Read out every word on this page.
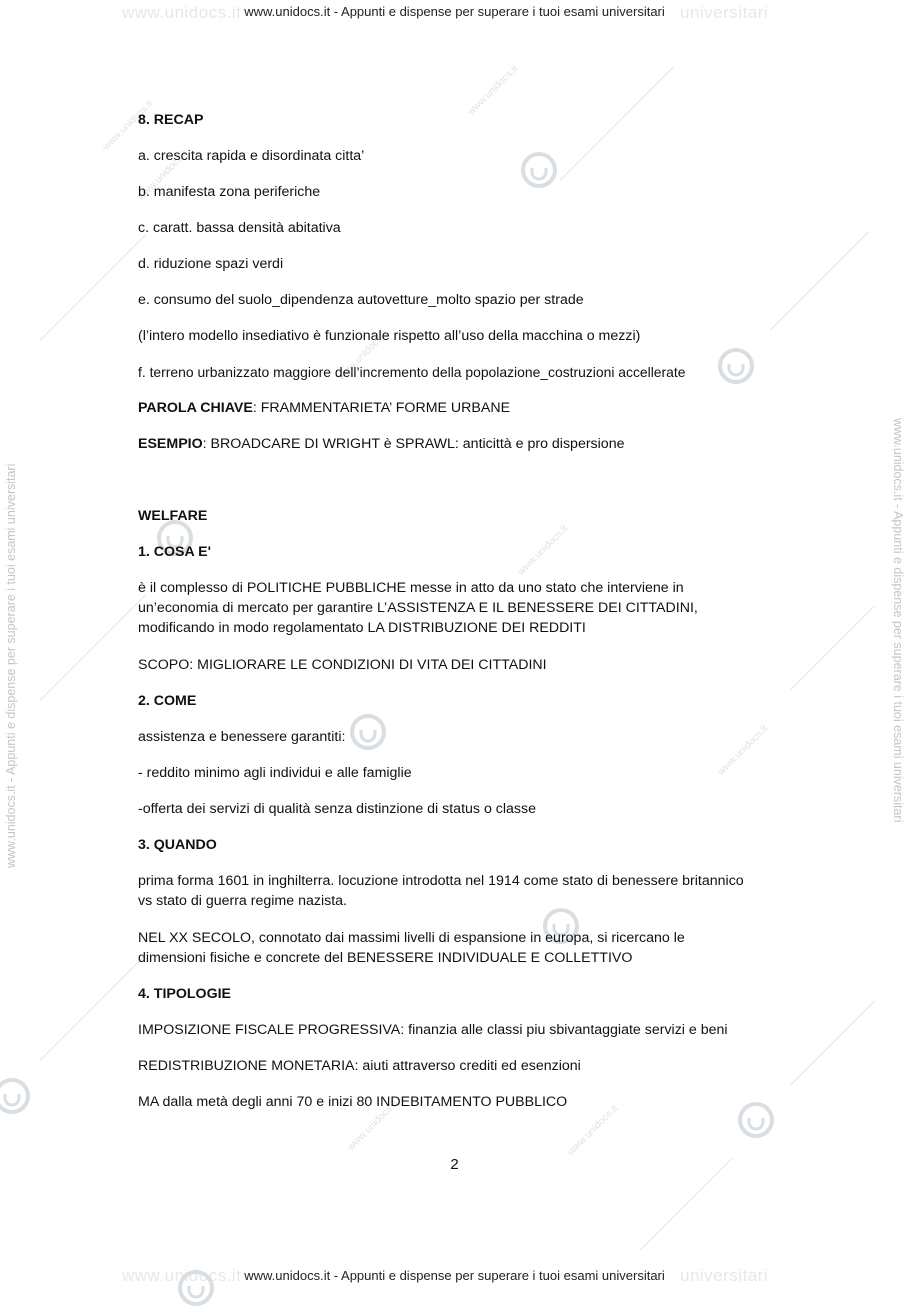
www.unidocs.it	universitari
www.unidocs.it	universitari
www.unidocs.it - Appunti e dispense per superare i tuoi esami universitari
www.unidocs.it - Appunti e dispense per superare i tuoi esami universitari
www.unidocs.it - Appunti e dispense per superare i tuoi esami universitari	www.unidocs.it - Appunti e dispense per superare i tuoi esami universitari
www.unidocs.it
www.unidocs.it
www.unidocs.it
www.unidocs.it
www.unidocs.it
www.unidocs.it
www.unidocs.it	www.unidocs.it
8. RECAP
a. crescita rapida e disordinata citta’
b. manifesta zona periferiche
c. caratt. bassa densità abitativa
d. riduzione spazi verdi
e. consumo del suolo_dipendenza autovetture_molto spazio per strade
(l’intero modello insediativo è funzionale rispetto all’uso della macchina o mezzi)
f. terreno urbanizzato maggiore dell’incremento della popolazione_costruzioni accellerate
PAROLA CHIAVE: FRAMMENTARIETA’ FORME URBANE
ESEMPIO: BROADCARE DI WRIGHT è SPRAWL: anticittà e pro dispersione
WELFARE
1. COSA E'
è il complesso di POLITICHE PUBBLICHE messe in atto da uno stato che interviene in un’economia di mercato per garantire L’ASSISTENZA E IL BENESSERE DEI CITTADINI, modificando in modo regolamentato LA DISTRIBUZIONE DEI REDDITI
SCOPO: MIGLIORARE LE CONDIZIONI DI VITA DEI CITTADINI
2. COME
assistenza e benessere garantiti:
- reddito minimo agli individui e alle famiglie
-offerta dei servizi di qualità senza distinzione di status o classe
3. QUANDO
prima forma 1601 in inghilterra. locuzione introdotta nel 1914 come stato di benessere britannico vs stato di guerra regime nazista.
NEL XX SECOLO, connotato dai massimi livelli di espansione in europa, si ricercano le dimensioni fisiche e concrete del BENESSERE INDIVIDUALE E COLLETTIVO
4. TIPOLOGIE
IMPOSIZIONE FISCALE PROGRESSIVA: finanzia alle classi piu sbivantaggiate servizi e beni
REDISTRIBUZIONE MONETARIA: aiuti attraverso crediti ed esenzioni
MA dalla metà degli anni 70 e inizi 80 INDEBITAMENTO PUBBLICO
2
